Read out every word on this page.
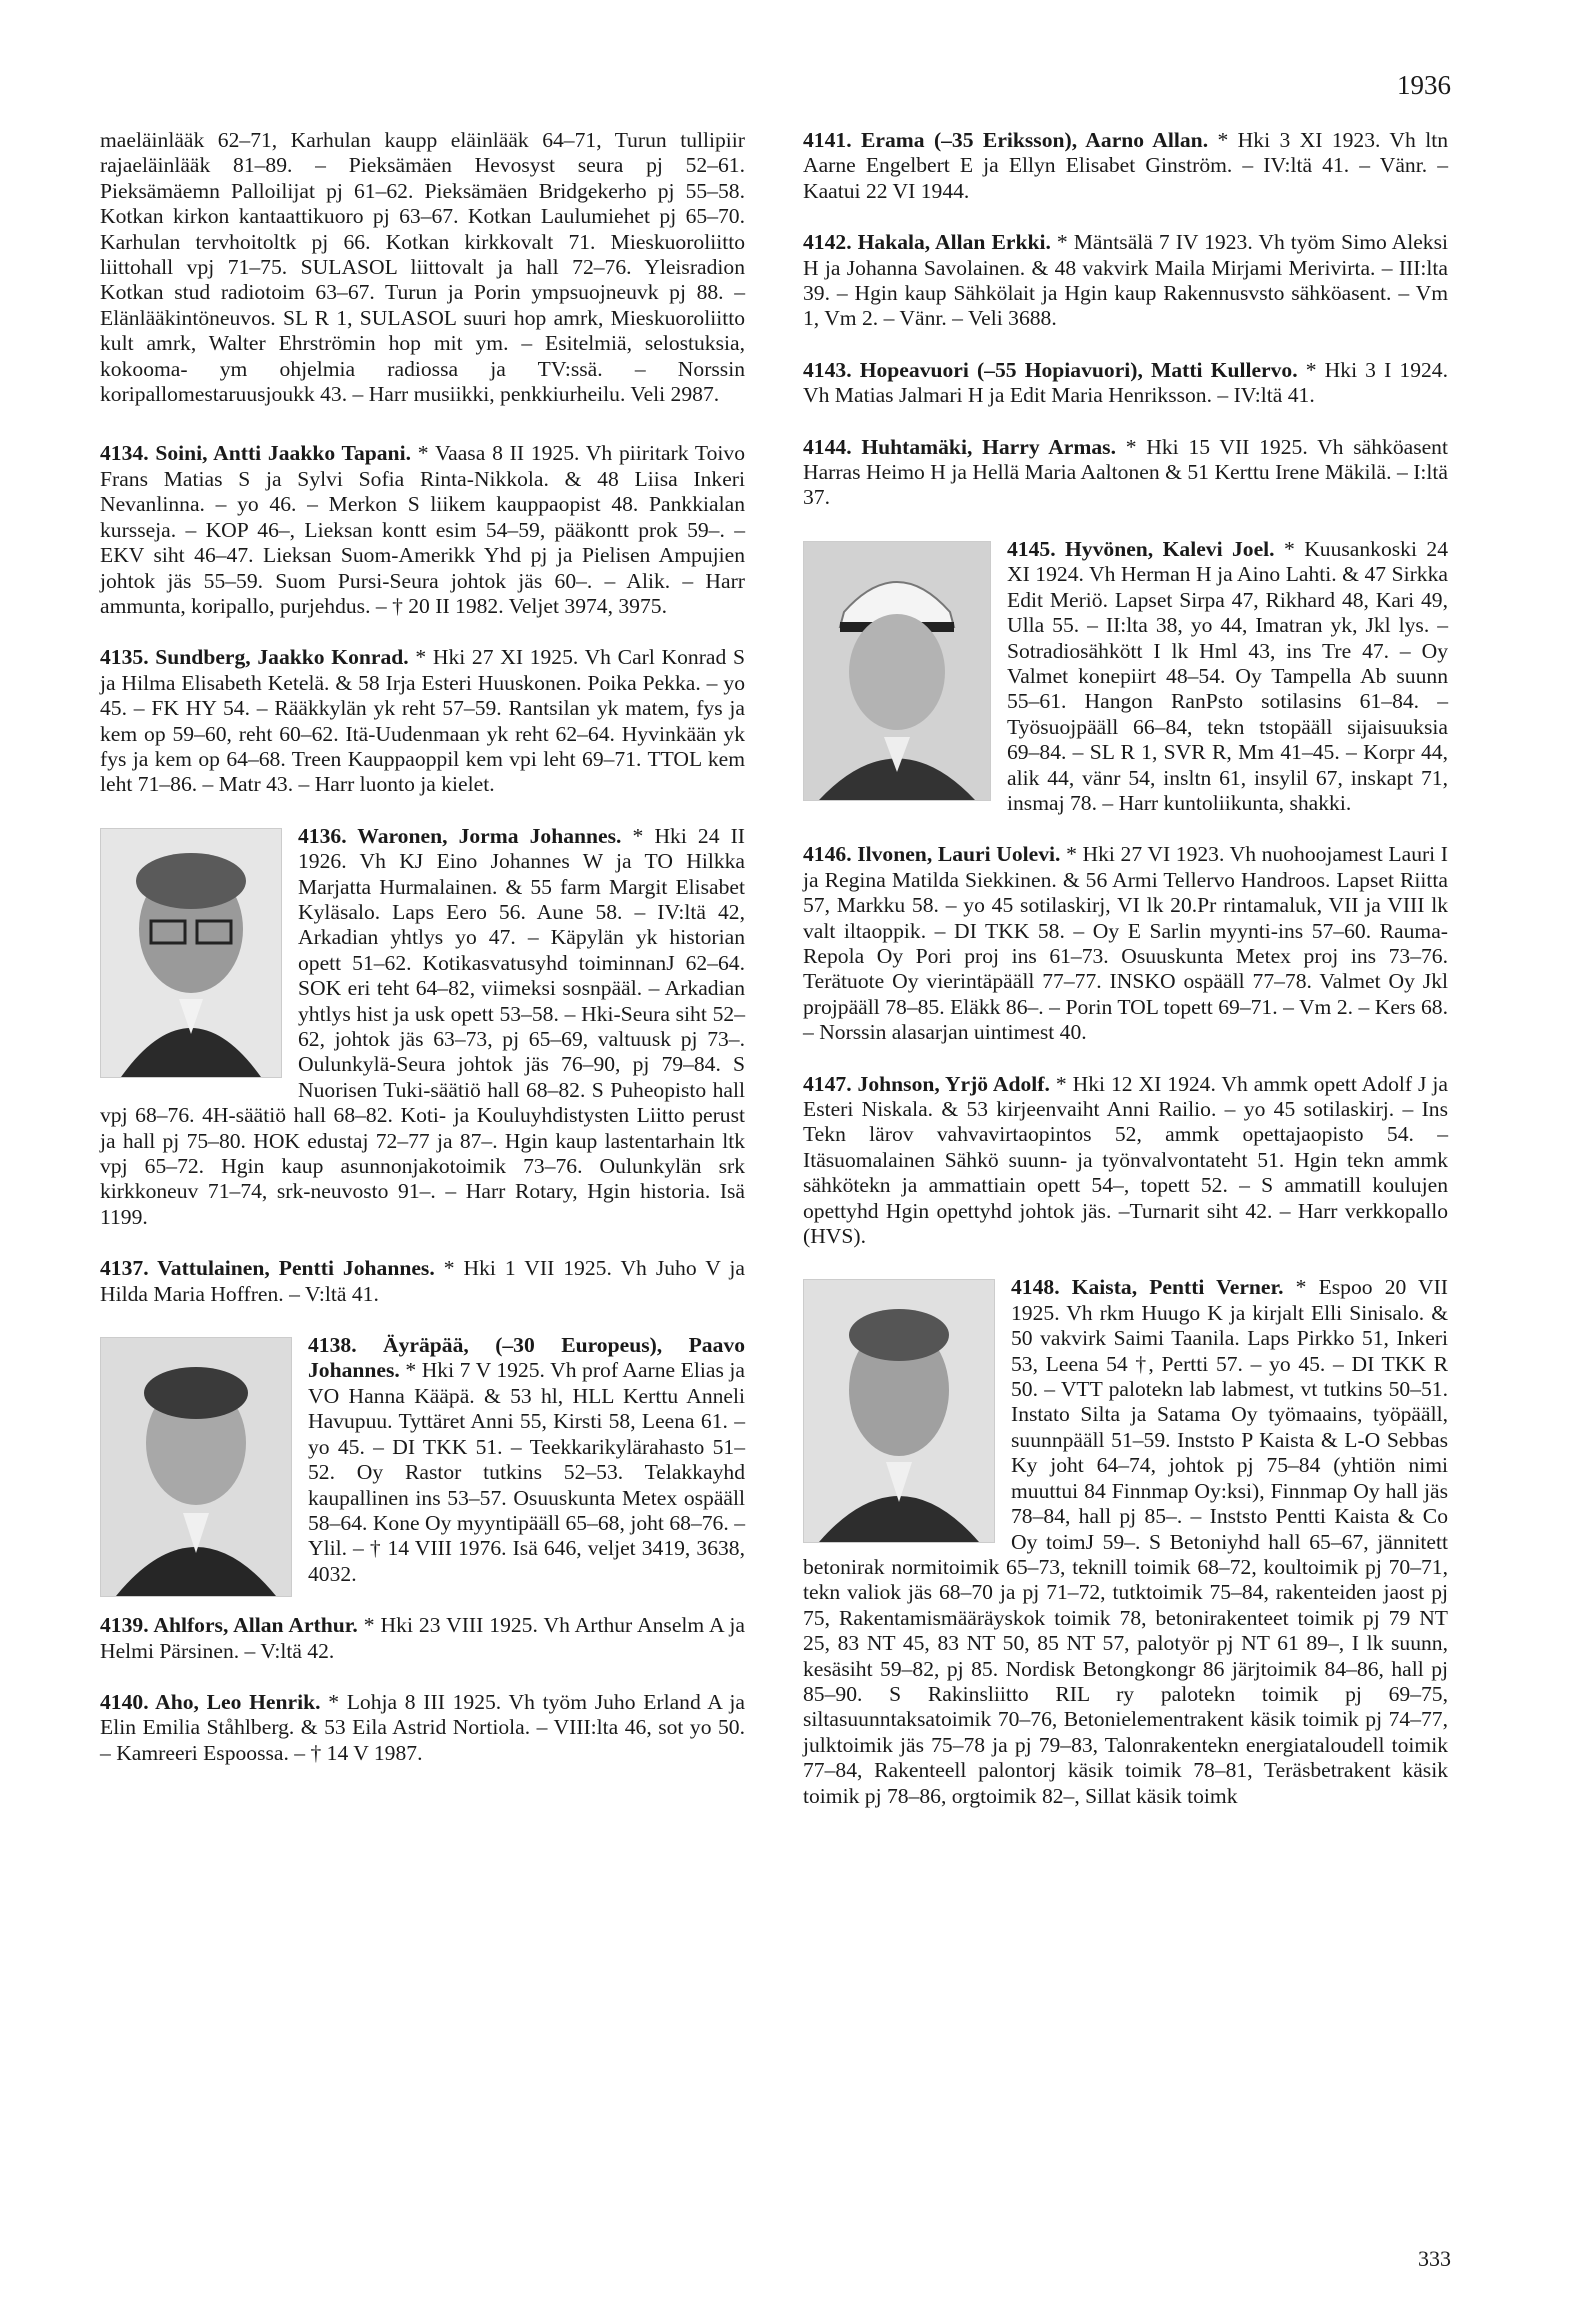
1936

maeläinlääk 62–71, Karhulan kaupp eläinlääk 64–71, Turun tullipiir rajaeläinlääk 81–89. – Pieksämäen Hevosyst seura pj 52–61. Pieksämäemn Palloilijat pj 61–62. Pieksämäen Bridgekerho pj 55–58. Kotkan kirkon kantaattikuoro pj 63–67. Kotkan Laulumiehet pj 65–70. Karhulan tervhoitoltk pj 66. Kotkan kirkkovalt 71. Mieskuoroliitto liittohall vpj 71–75. SULASOL liittovalt ja hall 72–76. Yleisradion Kotkan stud radiotoim 63–67. Turun ja Porin ympsuojneuvk pj 88. – Elänlääkintöneuvos. SL R 1, SULASOL suuri hop amrk, Mieskuoroliitto kult amrk, Walter Ehrströmin hop mit ym. – Esitelmiä, selostuksia, kokooma- ym ohjelmia radiossa ja TV:ssä. – Norssin koripallomestaruusjoukk 43. – Harr musiikki, penkkiurheilu. Veli 2987.

4134. Soini, Antti Jaakko Tapani. * Vaasa 8 II 1925. Vh piiritark Toivo Frans Matias S ja Sylvi Sofia Rinta-Nikkola. & 48 Liisa Inkeri Nevanlinna. – yo 46. – Merkon S liikem kauppaopist 48. Pankkialan kursseja. – KOP 46–, Lieksan kontt esim 54–59, pääkontt prok 59–. – EKV siht 46–47. Lieksan Suom-Amerikk Yhd pj ja Pielisen Ampujien johtok jäs 55–59. Suom Pursi-Seura johtok jäs 60–. – Alik. – Harr ammunta, koripallo, purjehdus. – † 20 II 1982. Veljet 3974, 3975.

4135. Sundberg, Jaakko Konrad. * Hki 27 XI 1925. Vh Carl Konrad S ja Hilma Elisabeth Ketelä. & 58 Irja Esteri Huuskonen. Poika Pekka. – yo 45. – FK HY 54. – Rääkkylän yk reht 57–59. Rantsilan yk matem, fys ja kem op 59–60, reht 60–62. Itä-Uudenmaan yk reht 62–64. Hyvinkään yk fys ja kem op 64–68. Treen Kauppaoppil kem vpi leht 69–71. TTOL kem leht 71–86. – Matr 43. – Harr luonto ja kielet.

4136. Waronen, Jorma Johannes. * Hki 24 II 1926. Vh KJ Eino Johannes W ja TO Hilkka Marjatta Hurmalainen. & 55 farm Margit Elisabet Kyläsalo. Laps Eero 56. Aune 58. – IV:ltä 42, Arkadian yhtlys yo 47. – Käpylän yk historian opett 51–62. Kotikasvatusyhd toiminnanJ 62–64. SOK eri teht 64–82, viimeksi sosnpääl. – Arkadian yhtlys hist ja usk opett 53–58. – Hki-Seura siht 52–62, johtok jäs 63–73, pj 65–69, valtuusk pj 73–. Oulunkylä-Seura johtok jäs 76–90, pj 79–84. S Nuorisen Tuki-säätiö hall 68–82. S Puheopisto hall vpj 68–76. 4H-säätiö hall 68–82. Koti- ja Kouluyhdistysten Liitto perust ja hall pj 75–80. HOK edustaj 72–77 ja 87–. Hgin kaup lastentarhain ltk vpj 65–72. Hgin kaup asunnonjakotoimik 73–76. Oulunkylän srk kirkkoneuv 71–74, srk-neuvosto 91–. – Harr Rotary, Hgin historia. Isä 1199.

4137. Vattulainen, Pentti Johannes. * Hki 1 VII 1925. Vh Juho V ja Hilda Maria Hoffren. – V:ltä 41.

4138. Äyräpää, (–30 Europeus), Paavo Johannes. * Hki 7 V 1925. Vh prof Aarne Elias ja VO Hanna Kääpä. & 53 hl, HLL Kerttu Anneli Havupuu. Tyttäret Anni 55, Kirsti 58, Leena 61. – yo 45. – DI TKK 51. – Teekkarikylärahasto 51–52. Oy Rastor tutkins 52–53. Telakkayhd kaupallinen ins 53–57. Osuuskunta Metex ospääll 58–64. Kone Oy myyntipääll 65–68, joht 68–76. – Ylil. – † 14 VIII 1976. Isä 646, veljet 3419, 3638, 4032.

4139. Ahlfors, Allan Arthur. * Hki 23 VIII 1925. Vh Arthur Anselm A ja Helmi Pärsinen. – V:ltä 42.

4140. Aho, Leo Henrik. * Lohja 8 III 1925. Vh työm Juho Erland A ja Elin Emilia Ståhlberg. & 53 Eila Astrid Nortiola. – VIII:lta 46, sot yo 50. – Kamreeri Espoossa. – † 14 V 1987.

4141. Erama (–35 Eriksson), Aarno Allan. * Hki 3 XI 1923. Vh ltn Aarne Engelbert E ja Ellyn Elisabet Ginström. – IV:ltä 41. – Vänr. – Kaatui 22 VI 1944.

4142. Hakala, Allan Erkki. * Mäntsälä 7 IV 1923. Vh työm Simo Aleksi H ja Johanna Savolainen. & 48 vakvirk Maila Mirjami Merivirta. – III:lta 39. – Hgin kaup Sähkölait ja Hgin kaup Rakennusvsto sähköasent. – Vm 1, Vm 2. – Vänr. – Veli 3688.

4143. Hopeavuori (–55 Hopiavuori), Matti Kullervo. * Hki 3 I 1924. Vh Matias Jalmari H ja Edit Maria Henriksson. – IV:ltä 41.

4144. Huhtamäki, Harry Armas. * Hki 15 VII 1925. Vh sähköasent Harras Heimo H ja Hellä Maria Aaltonen & 51 Kerttu Irene Mäkilä. – I:ltä 37.

4145. Hyvönen, Kalevi Joel. * Kuusankoski 24 XI 1924. Vh Herman H ja Aino Lahti. & 47 Sirkka Edit Meriö. Lapset Sirpa 47, Rikhard 48, Kari 49, Ulla 55. – II:lta 38, yo 44, Imatran yk, Jkl lys. – Sotradiosähkött I lk Hml 43, ins Tre 47. – Oy Valmet konepiirt 48–54. Oy Tampella Ab suunn 55–61. Hangon RanPsto sotilasins 61–84. – Työsuojpääll 66–84, tekn tstopääll sijaisuuksia 69–84. – SL R 1, SVR R, Mm 41–45. – Korpr 44, alik 44, vänr 54, insltn 61, insylil 67, inskapt 71, insmaj 78. – Harr kuntoliikunta, shakki.

4146. Ilvonen, Lauri Uolevi. * Hki 27 VI 1923. Vh nuohoojamest Lauri I ja Regina Matilda Siekkinen. & 56 Armi Tellervo Handroos. Lapset Riitta 57, Markku 58. – yo 45 sotilaskirj, VI lk 20.Pr rintamaluk, VII ja VIII lk valt iltaoppik. – DI TKK 58. – Oy E Sarlin myynti-ins 57–60. Rauma-Repola Oy Pori proj ins 61–73. Osuuskunta Metex proj ins 73–76. Terätuote Oy vierintäpääll 77–77. INSKO ospääll 77–78. Valmet Oy Jkl projpääll 78–85. Eläkk 86–. – Porin TOL topett 69–71. – Vm 2. – Kers 68. – Norssin alasarjan uintimest 40.

4147. Johnson, Yrjö Adolf. * Hki 12 XI 1924. Vh ammk opett Adolf J ja Esteri Niskala. & 53 kirjeenvaiht Anni Railio. – yo 45 sotilaskirj. – Ins Tekn lärov vahvavirtaopintos 52, ammk opettajaopisto 54. – Itäsuomalainen Sähkö suunn- ja työnvalvontateht 51. Hgin tekn ammk sähkötekn ja ammattiain opett 54–, topett 52. – S ammatill koulujen opettyhd Hgin opettyhd johtok jäs. –Turnarit siht 42. – Harr verkkopallo (HVS).

4148. Kaista, Pentti Verner. * Espoo 20 VII 1925. Vh rkm Huugo K ja kirjalt Elli Sinisalo. & 50 vakvirk Saimi Taanila. Laps Pirkko 51, Inkeri 53, Leena 54 †, Pertti 57. – yo 45. – DI TKK R 50. – VTT palotekn lab labmest, vt tutkins 50–51. Instato Silta ja Satama Oy työmaains, työpääll, suunnpääll 51–59. Inststo P Kaista & L-O Sebbas Ky joht 64–74, johtok pj 75–84 (yhtiön nimi muuttui 84 Finnmap Oy:ksi), Finnmap Oy hall jäs 78–84, hall pj 85–. – Inststo Pentti Kaista & Co Oy toimJ 59–. S Betoniyhd hall 65–67, jännitett betonirak normitoimik 65–73, teknill toimik 68–72, koultoimik pj 70–71, tekn valiok jäs 68–70 ja pj 71–72, tutktoimik 75–84, rakenteiden jaost pj 75, Rakentamismääräyskok toimik 78, betonirakenteet toimik pj 79 NT 25, 83 NT 45, 83 NT 50, 85 NT 57, palotyör pj NT 61 89–, I lk suunn, kesäsiht 59–82, pj 85. Nordisk Betongkongr 86 järjtoimik 84–86, hall pj 85–90. S Rakinsliitto RIL ry palotekn toimik pj 69–75, siltasuunntaksatoimik 70–76, Betonielementrakent käsik toimik pj 74–77, julktoimik jäs 75–78 ja pj 79–83, Talonrakentekn energiataloudell toimik 77–84, Rakenteell palontorj käsik toimik 78–81, Teräsbetrakent käsik toimik pj 78–86, orgtoimik 82–, Sillat käsik toimk

333
